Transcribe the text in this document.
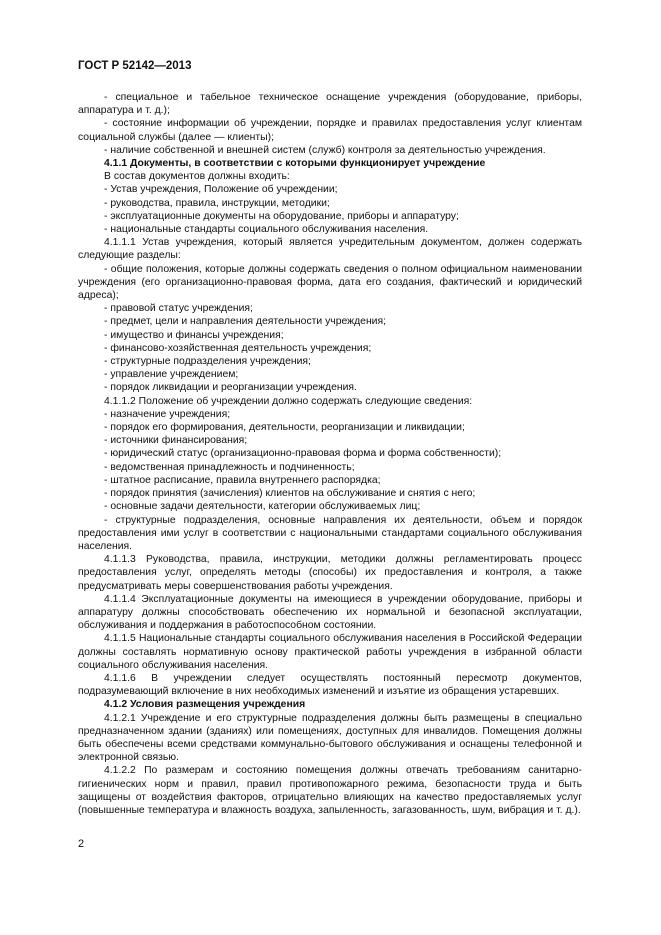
ГОСТ Р 52142—2013

- специальное и табельное техническое оснащение учреждения (оборудование, приборы, аппаратура и т. д.);

- состояние информации об учреждении, порядке и правилах предоставления услуг клиентам социальной службы (далее — клиенты);

- наличие собственной и внешней систем (служб) контроля за деятельностью учреждения.

4.1.1 Документы, в соответствии с которыми функционирует учреждение

В состав документов должны входить:

- Устав учреждения, Положение об учреждении;

- руководства, правила, инструкции, методики;

- эксплуатационные документы на оборудование, приборы и аппаратуру;

- национальные стандарты социального обслуживания населения.

4.1.1.1 Устав учреждения, который является учредительным документом, должен содержать следующие разделы:

- общие положения, которые должны содержать сведения о полном официальном наименовании учреждения (его организационно-правовая форма, дата его создания, фактический и юридический адреса);

- правовой статус учреждения;

- предмет, цели и направления деятельности учреждения;

- имущество и финансы учреждения;

- финансово-хозяйственная деятельность учреждения;

- структурные подразделения учреждения;

- управление учреждением;

- порядок ликвидации и реорганизации учреждения.

4.1.1.2 Положение об учреждении должно содержать следующие сведения:

- назначение учреждения;

- порядок его формирования, деятельности, реорганизации и ликвидации;

- источники финансирования;

- юридический статус (организационно-правовая форма и форма собственности);

- ведомственная принадлежность и подчиненность;

- штатное расписание, правила внутреннего распорядка;

- порядок принятия (зачисления) клиентов на обслуживание и снятия с него;

- основные задачи деятельности, категории обслуживаемых лиц;

- структурные подразделения, основные направления их деятельности, объем и порядок предоставления ими услуг в соответствии с национальными стандартами социального обслуживания населения.

4.1.1.3 Руководства, правила, инструкции, методики должны регламентировать процесс предоставления услуг, определять методы (способы) их предоставления и контроля, а также предусматривать меры совершенствования работы учреждения.

4.1.1.4 Эксплуатационные документы на имеющиеся в учреждении оборудование, приборы и аппаратуру должны способствовать обеспечению их нормальной и безопасной эксплуатации, обслуживания и поддержания в работоспособном состоянии.

4.1.1.5 Национальные стандарты социального обслуживания населения в Российской Федерации должны составлять нормативную основу практической работы учреждения в избранной области социального обслуживания населения.

4.1.1.6 В учреждении следует осуществлять постоянный пересмотр документов, подразумевающий включение в них необходимых изменений и изъятие из обращения устаревших.

4.1.2 Условия размещения учреждения

4.1.2.1 Учреждение и его структурные подразделения должны быть размещены в специально предназначенном здании (зданиях) или помещениях, доступных для инвалидов. Помещения должны быть обеспечены всеми средствами коммунально-бытового обслуживания и оснащены телефонной и электронной связью.

4.1.2.2 По размерам и состоянию помещения должны отвечать требованиям санитарно-гигиенических норм и правил, правил противопожарного режима, безопасности труда и быть защищены от воздействия факторов, отрицательно влияющих на качество предоставляемых услуг (повышенные температура и влажность воздуха, запыленность, загазованность, шум, вибрация и т. д.).

2
